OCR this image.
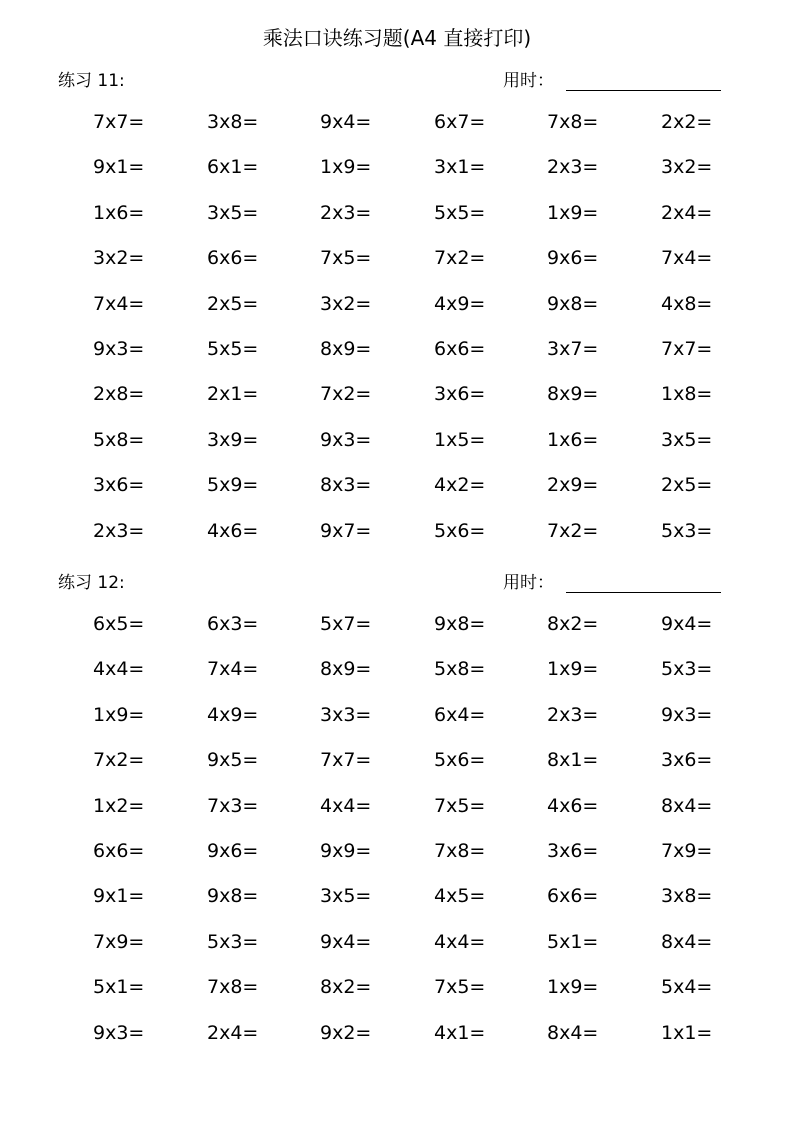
乘法口诀练习题(A4 直接打印)
练习 11:	用时：
7x7=	3x8=	9x4=	6x7=	7x8=	2x2=
9x1=	6x1=	1x9=	3x1=	2x3=	3x2=
1x6=	3x5=	2x3=	5x5=	1x9=	2x4=
3x2=	6x6=	7x5=	7x2=	9x6=	7x4=
7x4=	2x5=	3x2=	4x9=	9x8=	4x8=
9x3=	5x5=	8x9=	6x6=	3x7=	7x7=
2x8=	2x1=	7x2=	3x6=	8x9=	1x8=
5x8=	3x9=	9x3=	1x5=	1x6=	3x5=
3x6=	5x9=	8x3=	4x2=	2x9=	2x5=
2x3=	4x6=	9x7=	5x6=	7x2=	5x3=
练习 12:	用时：
6x5=	6x3=	5x7=	9x8=	8x2=	9x4=
4x4=	7x4=	8x9=	5x8=	1x9=	5x3=
1x9=	4x9=	3x3=	6x4=	2x3=	9x3=
7x2=	9x5=	7x7=	5x6=	8x1=	3x6=
1x2=	7x3=	4x4=	7x5=	4x6=	8x4=
6x6=	9x6=	9x9=	7x8=	3x6=	7x9=
9x1=	9x8=	3x5=	4x5=	6x6=	3x8=
7x9=	5x3=	9x4=	4x4=	5x1=	8x4=
5x1=	7x8=	8x2=	7x5=	1x9=	5x4=
9x3=	2x4=	9x2=	4x1=	8x4=	1x1=
